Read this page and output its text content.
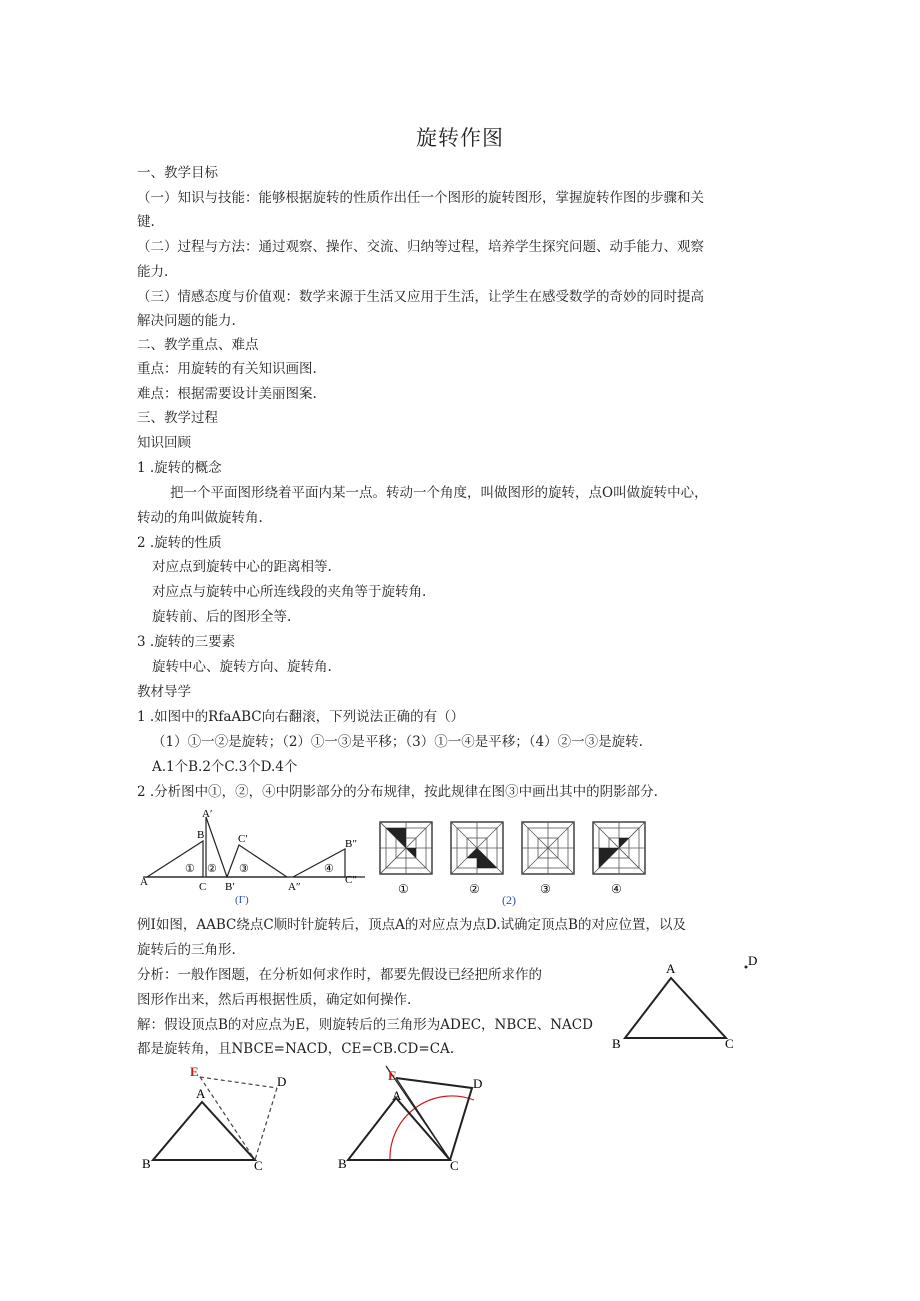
旋转作图
一、教学目标
（一）知识与技能：能够根据旋转的性质作出任一个图形的旋转图形，掌握旋转作图的步骤和关
键.
（二）过程与方法：通过观察、操作、交流、归纳等过程，培养学生探究问题、动手能力、观察
能力.
（三）情感态度与价值观：数学来源于生活又应用于生活，让学生在感受数学的奇妙的同时提高
解决问题的能力.
二、教学重点、难点
重点：用旋转的有关知识画图.
难点：根据需要设计美丽图案.
三、教学过程
知识回顾
1 .旋转的概念
把一个平面图形绕着平面内某一点。转动一个角度，叫做图形的旋转，点O叫做旋转中心，
转动的角叫做旋转角.
2 .旋转的性质
对应点到旋转中心的距离相等.
对应点与旋转中心所连线段的夹角等于旋转角.
旋转前、后的图形全等.
3 .旋转的三要素
旋转中心、旋转方向、旋转角.
教材导学
1 .如图中的RfaABC向右翻滚，下列说法正确的有（）
（1）①一②是旋转；（2）①一③是平移；（3）①一④是平移；（4）②一③是旋转.
A.1个B.2个C.3个D.4个
2 .分析图中①，②，④中阴影部分的分布规律，按此规律在图③中画出其中的阴影部分.
A
B
C
A′
B′
C′
A″
B″
C″
① ② ③	④
(Γ)
①	②	③	④
(2)
例I如图，AABC绕点C顺时针旋转后，顶点A的对应点为点D.试确定顶点B的对应位置，以及
旋转后的三角形.
分析：一般作图题，在分析如何求作时，都要先假设已经把所求作的
图形作出来，然后再根据性质，确定如何操作.
解：假设顶点B的对应点为E，则旋转后的三角形为ADEC，NBCE、NACD
都是旋转角，且NBCE=NACD，CE=CB.CD=CA.
A
B	C
D
E
D
A
B	C
E
D
A
B	C
